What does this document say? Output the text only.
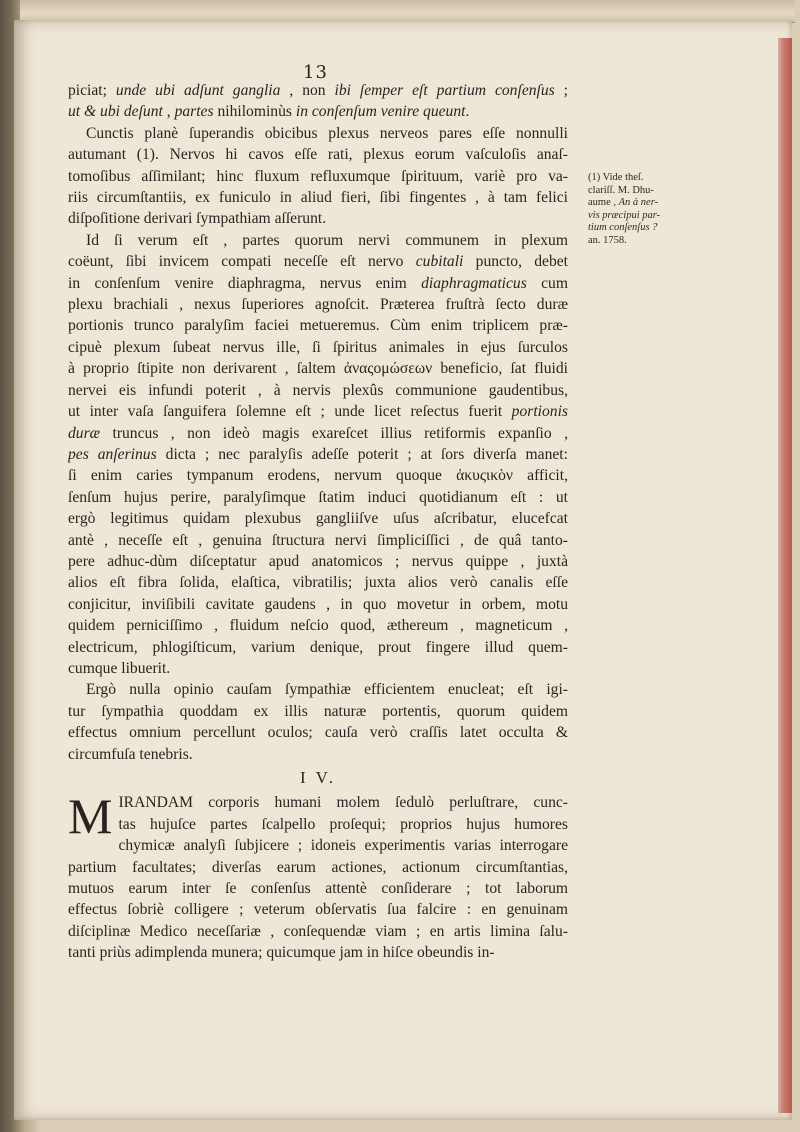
13
piciat; unde ubi adſunt ganglia , non ibi ſemper eſt partium conſenſus ;
ut & ubi deſunt , partes nihilominùs in conſenſum venire queunt.
Cunctis planè ſuperandis obicibus plexus nerveos pares eſſe nonnulli
autumant (1). Nervos hi cavos eſſe rati, plexus eorum vaſculoſis anaſ-
tomoſibus aſſimilant; hinc fluxum refluxumque ſpirituum, variè pro va-
riis circumſtantiis, ex funiculo in aliud fieri, ſibi fingentes , à tam felici
diſpoſitione derivari ſympathiam aſſerunt.
Id ſi verum eſt , partes quorum nervi communem in plexum
coëunt, ſibi invicem compati neceſſe eſt nervo cubitali puncto, debet
in conſenſum venire diaphragma, nervus enim diaphragmaticus cum
plexu brachiali , nexus ſuperiores agnoſcit. Præterea fruſtrà ſecto duræ
portionis trunco paralyſim faciei metueremus. Cùm enim triplicem præ-
cipuè plexum ſubeat nervus ille, ſi ſpiritus animales in ejus ſurculos
à proprio ſtipite non derivarent , ſaltem ἀναςομώσεων beneficio, ſat fluidi
nervei eis infundi poterit , à nervis plexûs communione gaudentibus,
ut inter vaſa ſanguifera ſolemne eſt ; unde licet reſectus fuerit portionis
duræ truncus , non ideò magis exareſcet illius retiformis expanſio ,
pes anſerinus dicta ; nec paralyſis adeſſe poterit ; at ſors diverſa manet:
ſi enim caries tympanum erodens, nervum quoque ἀκυςικὸν afficit,
ſenſum hujus perire, paralyſimque ſtatim induci quotidianum eſt : ut
ergò legitimus quidam plexubus gangliiſve uſus aſcribatur, elucefcat
antè , neceſſe eſt , genuina ſtructura nervi ſimpliciſſici , de quâ tanto-
pere adhuc-dùm diſceptatur apud anatomicos ; nervus quippe , juxtà
alios eſt fibra ſolida, elaſtica, vibratilis; juxta alios verò canalis eſſe
conjicitur, inviſibili cavitate gaudens , in quo movetur in orbem, motu
quidem perniciſſimo , fluidum neſcio quod, æthereum , magneticum ,
electricum, phlogiſticum, varium denique, prout fingere illud quem-
cumque libuerit.
Ergò nulla opinio cauſam ſympathiæ efficientem enucleat; eſt igi-
tur ſympathia quoddam ex illis naturæ portentis, quorum quidem
effectus omnium percellunt oculos; cauſa verò craſſis latet occulta &
circumfuſa tenebris.
I V.
M IRANDAM corporis humani molem ſedulò perluſtrare, cunc-
tas hujuſce partes ſcalpello proſequi; proprios hujus humores
chymicæ analyſi ſubjicere ; idoneis experimentis varias interrogare
partium facultates; diverſas earum actiones, actionum circumſtantias,
mutuos earum inter ſe conſenſus attentè conſiderare ; tot laborum
effectus ſobriè colligere ; veterum obſervatis ſua falcire : en genuinam
diſciplinæ Medico neceſſariæ , conſequendæ viam ; en artis limina ſalu-
tanti priùs adimplenda munera; quicumque jam in hiſce obeundis in-
(1) Vide theſ.
clariſſ. M. Dhu-
aume , An à ner-
vis præcipui par-
tium conſenſus ?
an. 1758.
